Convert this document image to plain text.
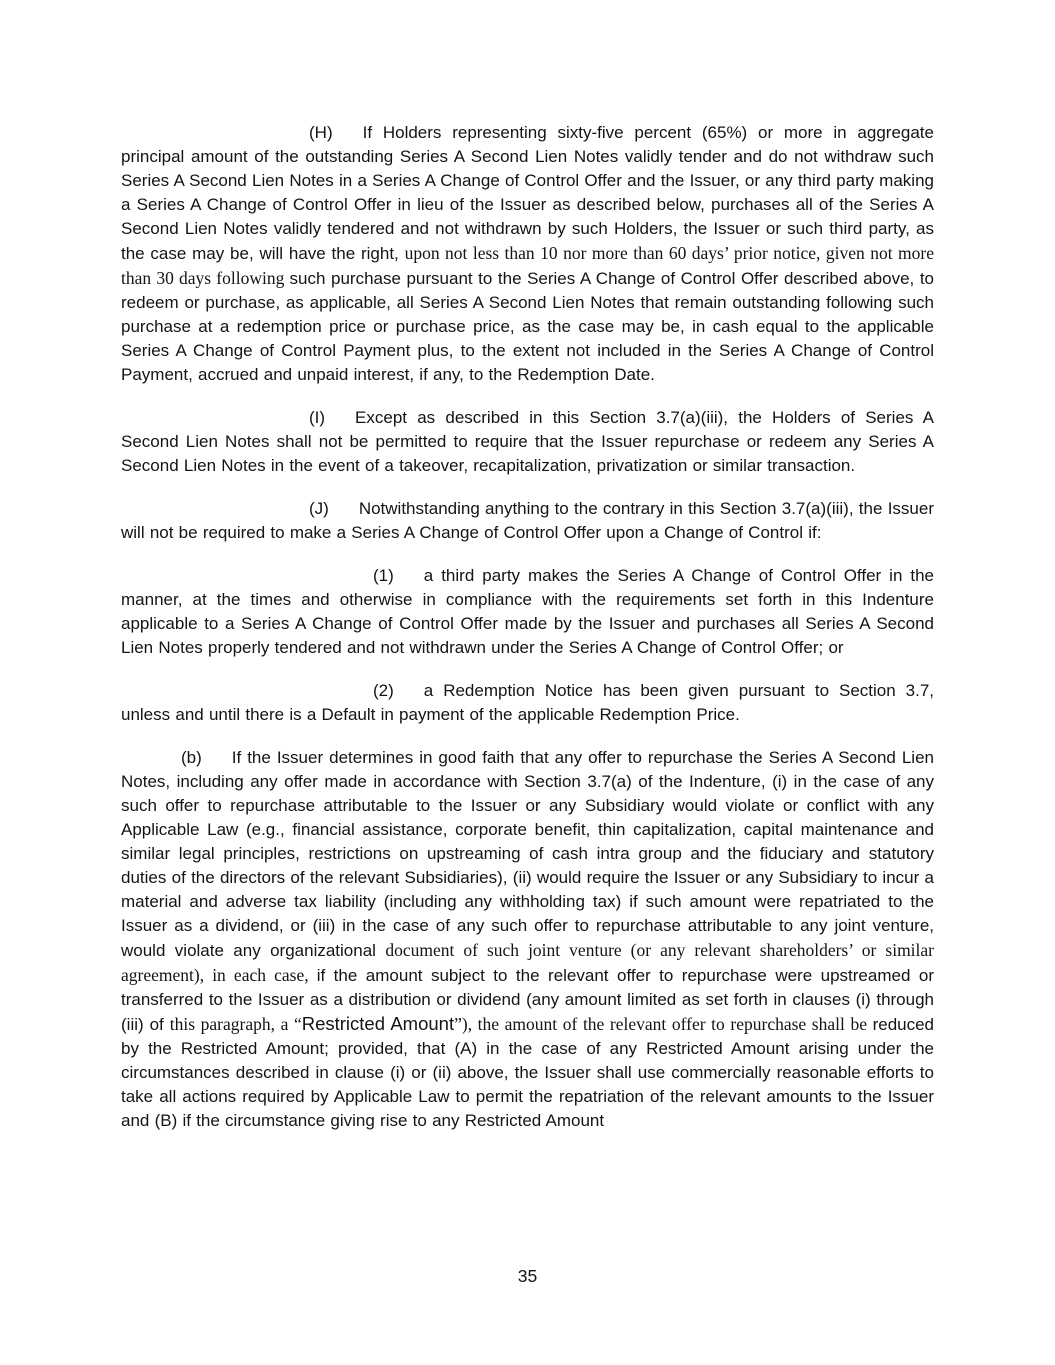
(H) If Holders representing sixty-five percent (65%) or more in aggregate principal amount of the outstanding Series A Second Lien Notes validly tender and do not withdraw such Series A Second Lien Notes in a Series A Change of Control Offer and the Issuer, or any third party making a Series A Change of Control Offer in lieu of the Issuer as described below, purchases all of the Series A Second Lien Notes validly tendered and not withdrawn by such Holders, the Issuer or such third party, as the case may be, will have the right, upon not less than 10 nor more than 60 days’ prior notice, given not more than 30 days following such purchase pursuant to the Series A Change of Control Offer described above, to redeem or purchase, as applicable, all Series A Second Lien Notes that remain outstanding following such purchase at a redemption price or purchase price, as the case may be, in cash equal to the applicable Series A Change of Control Payment plus, to the extent not included in the Series A Change of Control Payment, accrued and unpaid interest, if any, to the Redemption Date.

(I) Except as described in this Section 3.7(a)(iii), the Holders of Series A Second Lien Notes shall not be permitted to require that the Issuer repurchase or redeem any Series A Second Lien Notes in the event of a takeover, recapitalization, privatization or similar transaction.

(J) Notwithstanding anything to the contrary in this Section 3.7(a)(iii), the Issuer will not be required to make a Series A Change of Control Offer upon a Change of Control if:

(1) a third party makes the Series A Change of Control Offer in the manner, at the times and otherwise in compliance with the requirements set forth in this Indenture applicable to a Series A Change of Control Offer made by the Issuer and purchases all Series A Second Lien Notes properly tendered and not withdrawn under the Series A Change of Control Offer; or

(2) a Redemption Notice has been given pursuant to Section 3.7, unless and until there is a Default in payment of the applicable Redemption Price.

(b) If the Issuer determines in good faith that any offer to repurchase the Series A Second Lien Notes, including any offer made in accordance with Section 3.7(a) of the Indenture, (i) in the case of any such offer to repurchase attributable to the Issuer or any Subsidiary would violate or conflict with any Applicable Law (e.g., financial assistance, corporate benefit, thin capitalization, capital maintenance and similar legal principles, restrictions on upstreaming of cash intra group and the fiduciary and statutory duties of the directors of the relevant Subsidiaries), (ii) would require the Issuer or any Subsidiary to incur a material and adverse tax liability (including any withholding tax) if such amount were repatriated to the Issuer as a dividend, or (iii) in the case of any such offer to repurchase attributable to any joint venture, would violate any organizational document of such joint venture (or any relevant shareholders’ or similar agreement), in each case, if the amount subject to the relevant offer to repurchase were upstreamed or transferred to the Issuer as a distribution or dividend (any amount limited as set forth in clauses (i) through (iii) of this paragraph, a “Restricted Amount”), the amount of the relevant offer to repurchase shall be reduced by the Restricted Amount; provided, that (A) in the case of any Restricted Amount arising under the circumstances described in clause (i) or (ii) above, the Issuer shall use commercially reasonable efforts to take all actions required by Applicable Law to permit the repatriation of the relevant amounts to the Issuer and (B) if the circumstance giving rise to any Restricted Amount

35
